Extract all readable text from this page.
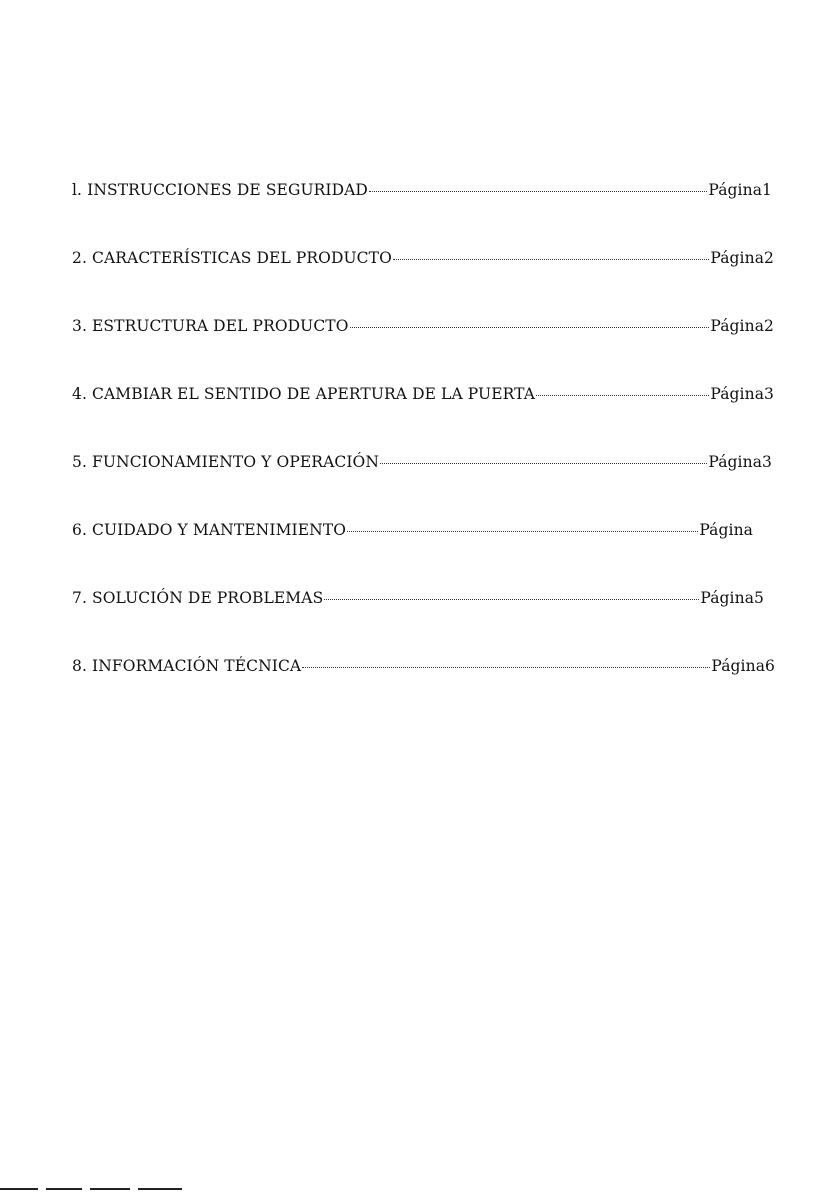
l. INSTRUCCIONES DE SEGURIDAD	Página1
2. CARACTERÍSTICAS DEL PRODUCTO	Página2
3. ESTRUCTURA DEL PRODUCTO	Página2
4. CAMBIAR EL SENTIDO DE APERTURA DE LA PUERTA	Página3
5. FUNCIONAMIENTO Y OPERACIÓN	Página3
6. CUIDADO Y MANTENIMIENTO	Página
7. SOLUCIÓN DE PROBLEMAS	Página5
8. INFORMACIÓN TÉCNICA	Página6
